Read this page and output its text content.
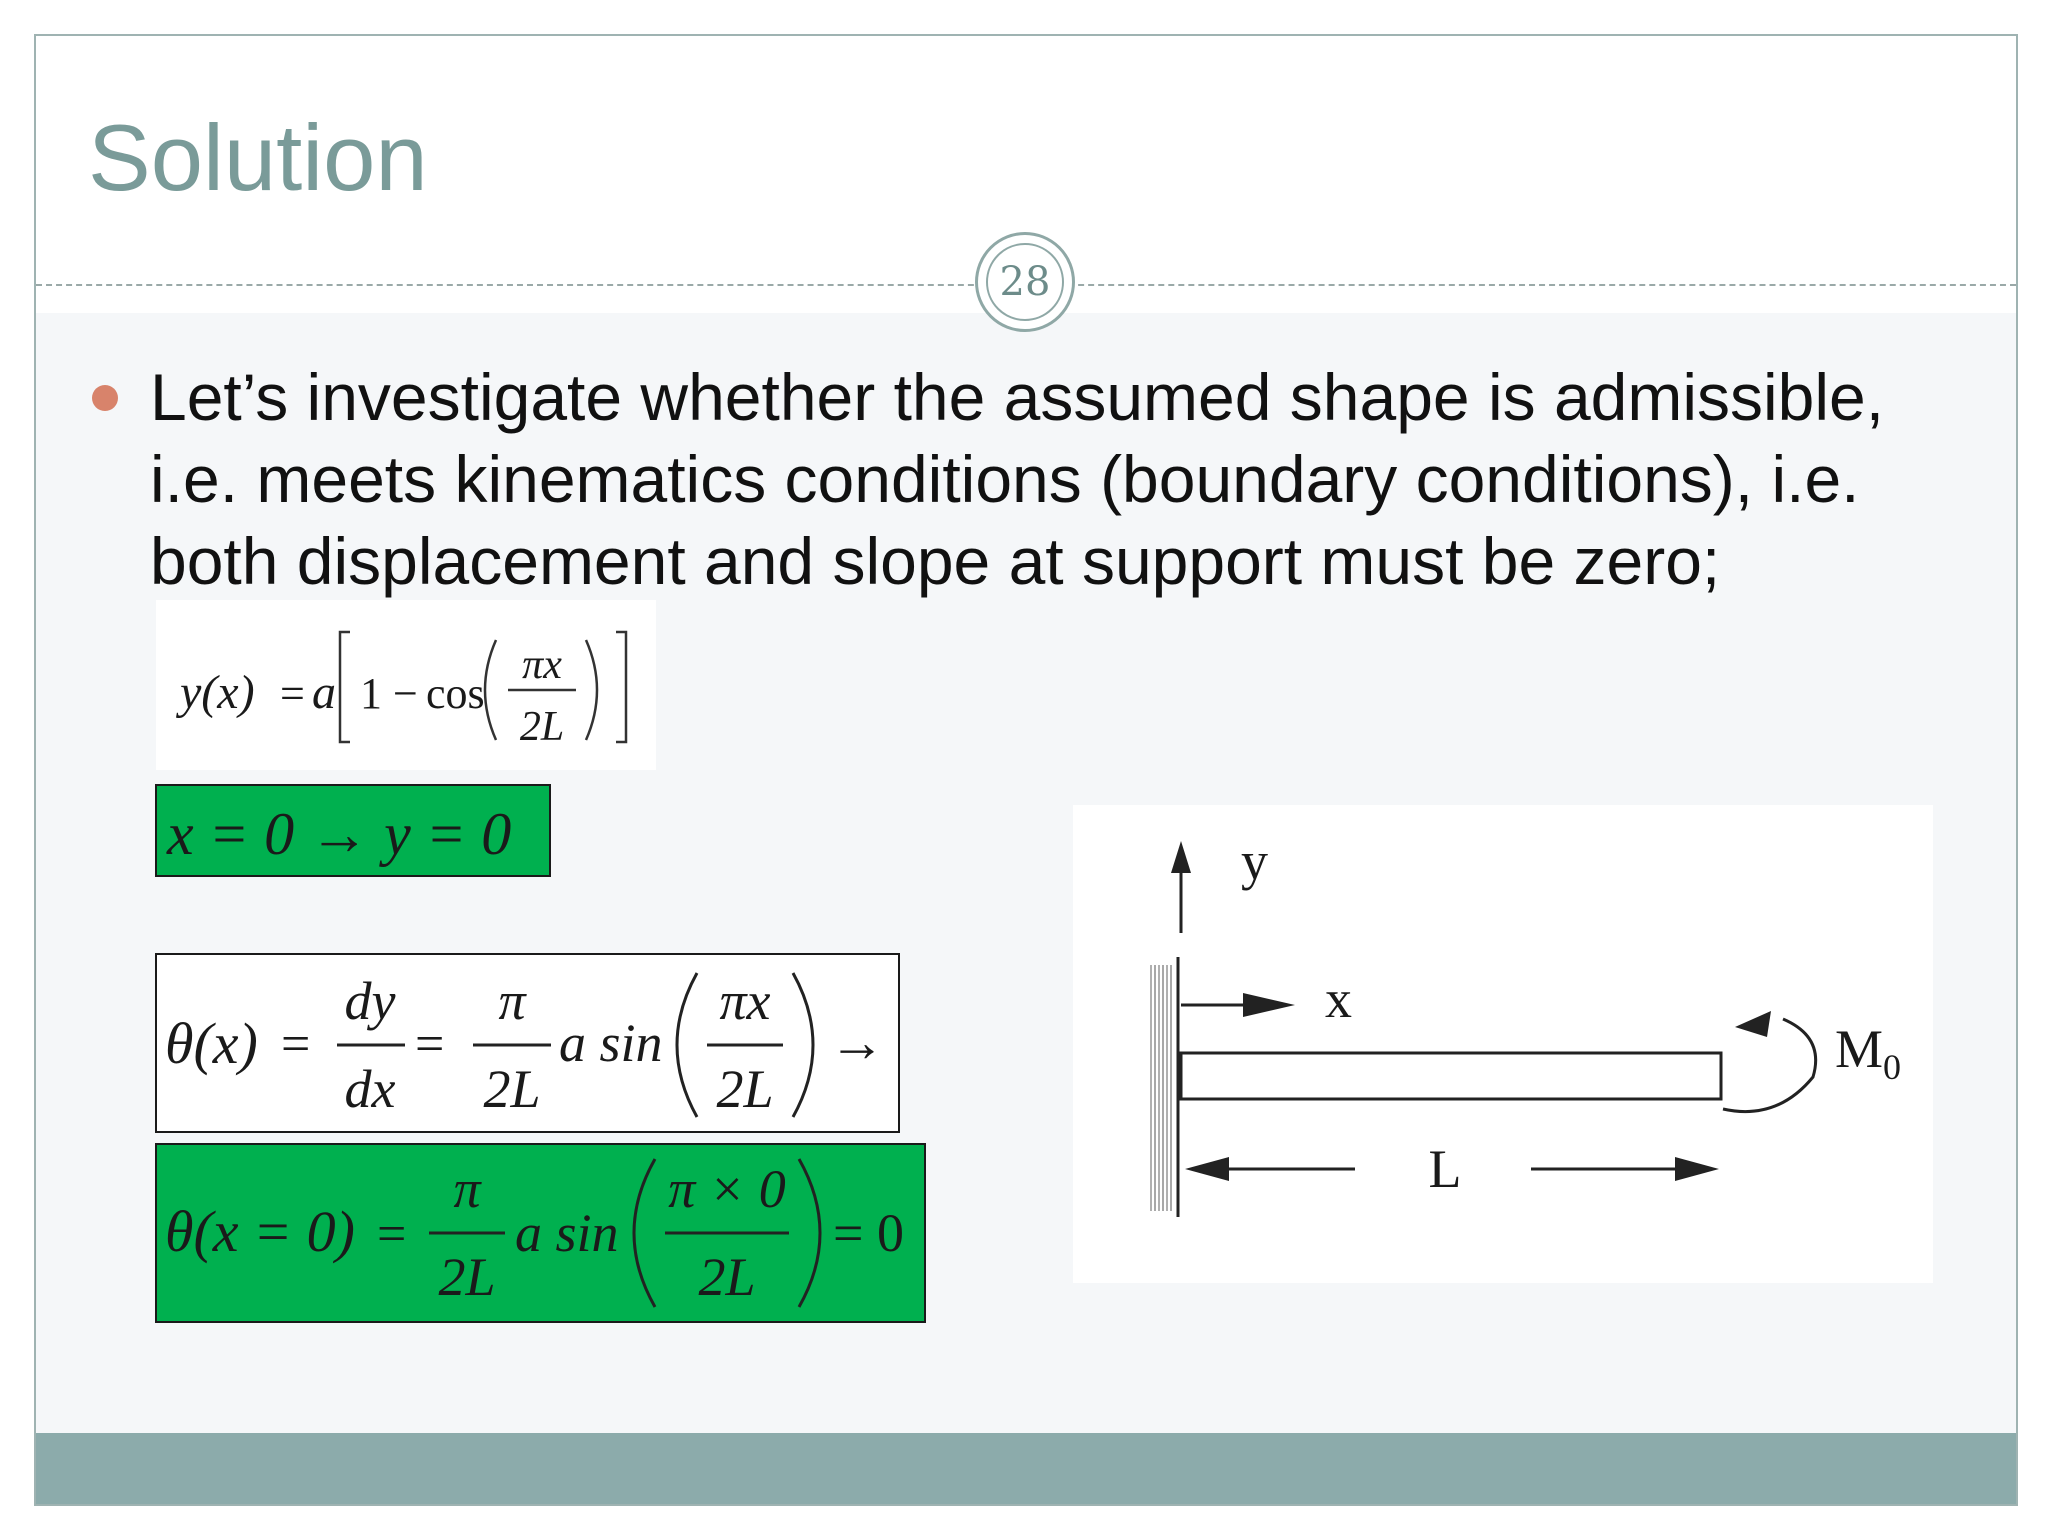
Solution
28

Let’s investigate whether the assumed shape is admissible, i.e. meets kinematics conditions (boundary conditions), i.e. both displacement and slope at support must be zero;

y(x) = a 1 − cos
πx
2L
x = 0 → y = 0
θ(x) =
dy
dx
=
π
2L
a sin
πx
2L
→
θ(x = 0) =
π
2L
a sin
π × 0
2L
= 0
y
x
$M_0$
L
